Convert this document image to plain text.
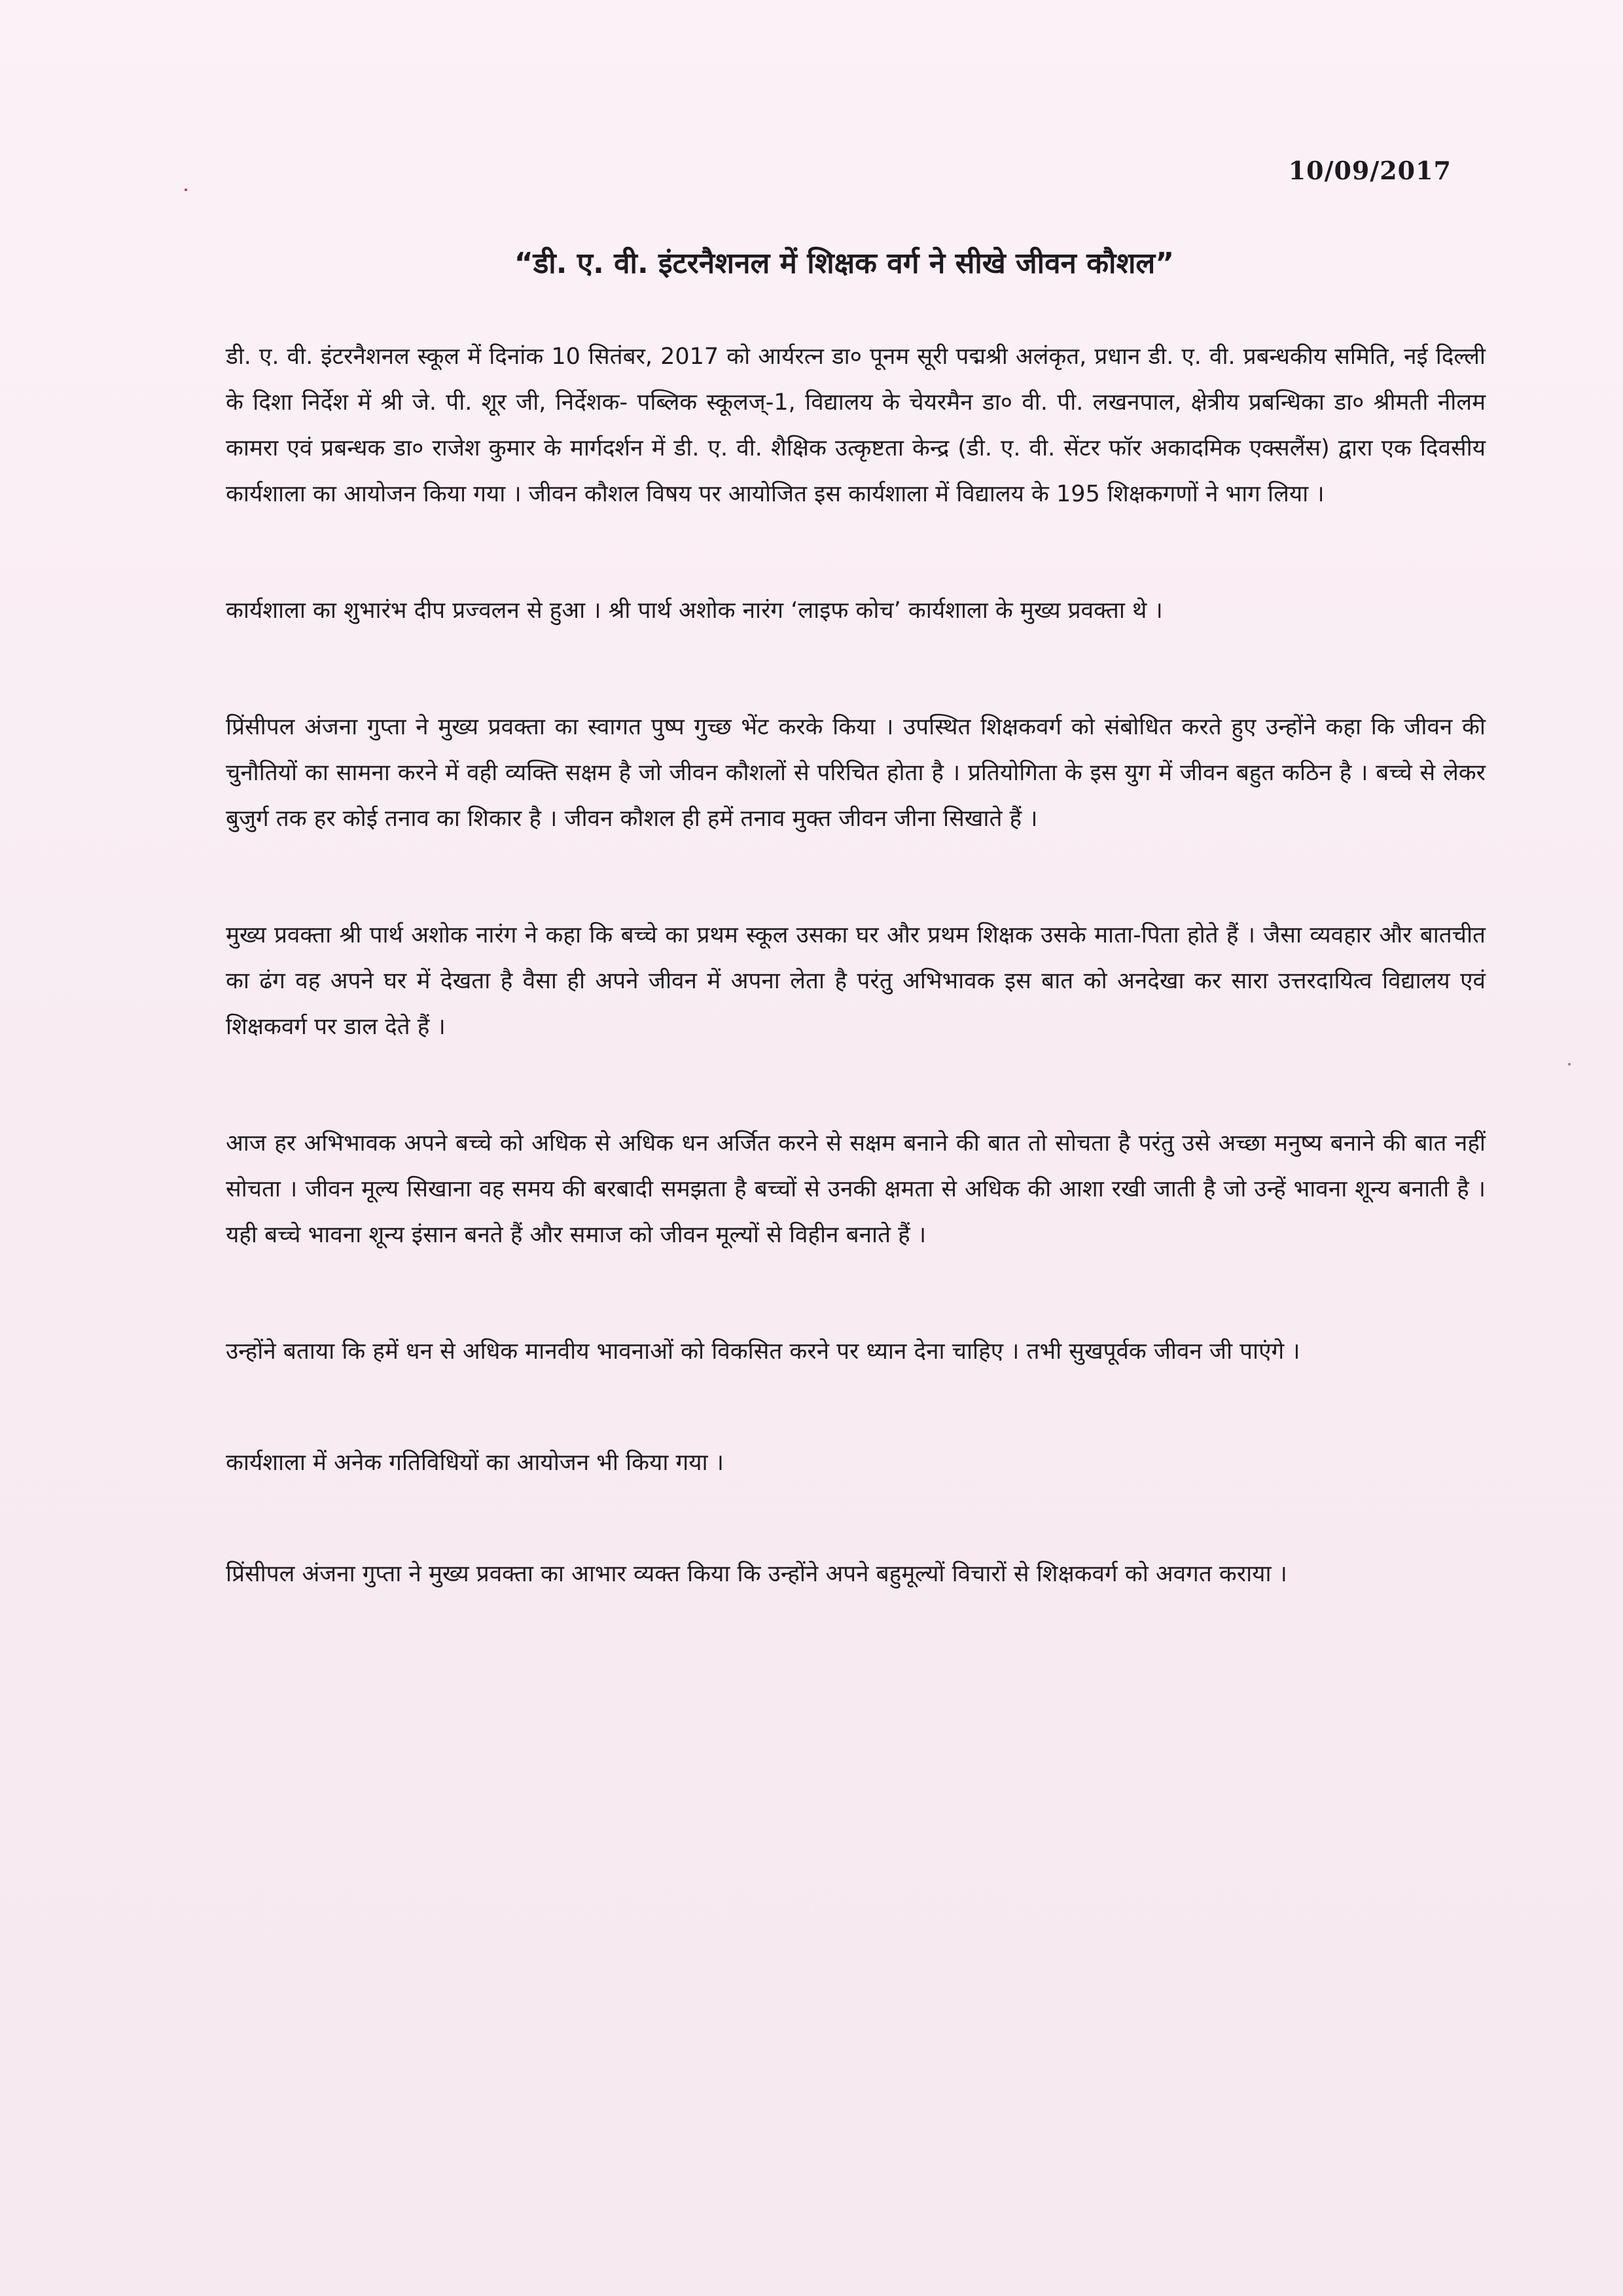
10/09/2017
“डी. ए. वी. इंटरनैशनल में शिक्षक वर्ग ने सीखे जीवन कौशल”

डी. ए. वी. इंटरनैशनल स्कूल में दिनांक 10 सितंबर, 2017 को आर्यरत्न डा० पूनम सूरी पद्मश्री अलंकृत, प्रधान डी. ए. वी. प्रबन्धकीय समिति, नई दिल्ली के दिशा निर्देश में श्री जे. पी. शूर जी, निर्देशक- पब्लिक स्कूलज्-1, विद्यालय के चेयरमैन डा० वी. पी. लखनपाल, क्षेत्रीय प्रबन्धिका डा० श्रीमती नीलम कामरा एवं प्रबन्धक डा० राजेश कुमार के मार्गदर्शन में डी. ए. वी. शैक्षिक उत्कृष्टता केन्द्र (डी. ए. वी. सेंटर फॉर अकादमिक एक्सलैंस) द्वारा एक दिवसीय कार्यशाला का आयोजन किया गया । जीवन कौशल विषय पर आयोजित इस कार्यशाला में विद्यालय के 195 शिक्षकगणों ने भाग लिया ।

कार्यशाला का शुभारंभ दीप प्रज्वलन से हुआ । श्री पार्थ अशोक नारंग ‘लाइफ कोच’ कार्यशाला के मुख्य प्रवक्ता थे ।

प्रिंसीपल अंजना गुप्ता ने मुख्य प्रवक्ता का स्वागत पुष्प गुच्छ भेंट करके किया । उपस्थित शिक्षकवर्ग को संबोधित करते हुए उन्होंने कहा कि जीवन की चुनौतियों का सामना करने में वही व्यक्ति सक्षम है जो जीवन कौशलों से परिचित होता है । प्रतियोगिता के इस युग में जीवन बहुत कठिन है । बच्चे से लेकर बुजुर्ग तक हर कोई तनाव का शिकार है । जीवन कौशल ही हमें तनाव मुक्त जीवन जीना सिखाते हैं ।

मुख्य प्रवक्ता श्री पार्थ अशोक नारंग ने कहा कि बच्चे का प्रथम स्कूल उसका घर और प्रथम शिक्षक उसके माता-पिता होते हैं । जैसा व्यवहार और बातचीत का ढंग वह अपने घर में देखता है वैसा ही अपने जीवन में अपना लेता है परंतु अभिभावक इस बात को अनदेखा कर सारा उत्तरदायित्व विद्यालय एवं शिक्षकवर्ग पर डाल देते हैं ।

आज हर अभिभावक अपने बच्चे को अधिक से अधिक धन अर्जित करने से सक्षम बनाने की बात तो सोचता है परंतु उसे अच्छा मनुष्य बनाने की बात नहीं सोचता । जीवन मूल्य सिखाना वह समय की बरबादी समझता है बच्चों से उनकी क्षमता से अधिक की आशा रखी जाती है जो उन्हें भावना शून्य बनाती है । यही बच्चे भावना शून्य इंसान बनते हैं और समाज को जीवन मूल्यों से विहीन बनाते हैं ।

उन्होंने बताया कि हमें धन से अधिक मानवीय भावनाओं को विकसित करने पर ध्यान देना चाहिए । तभी सुखपूर्वक जीवन जी पाएंगे ।

कार्यशाला में अनेक गतिविधियों का आयोजन भी किया गया ।

प्रिंसीपल अंजना गुप्ता ने मुख्य प्रवक्ता का आभार व्यक्त किया कि उन्होंने अपने बहुमूल्यों विचारों से शिक्षकवर्ग को अवगत कराया ।
